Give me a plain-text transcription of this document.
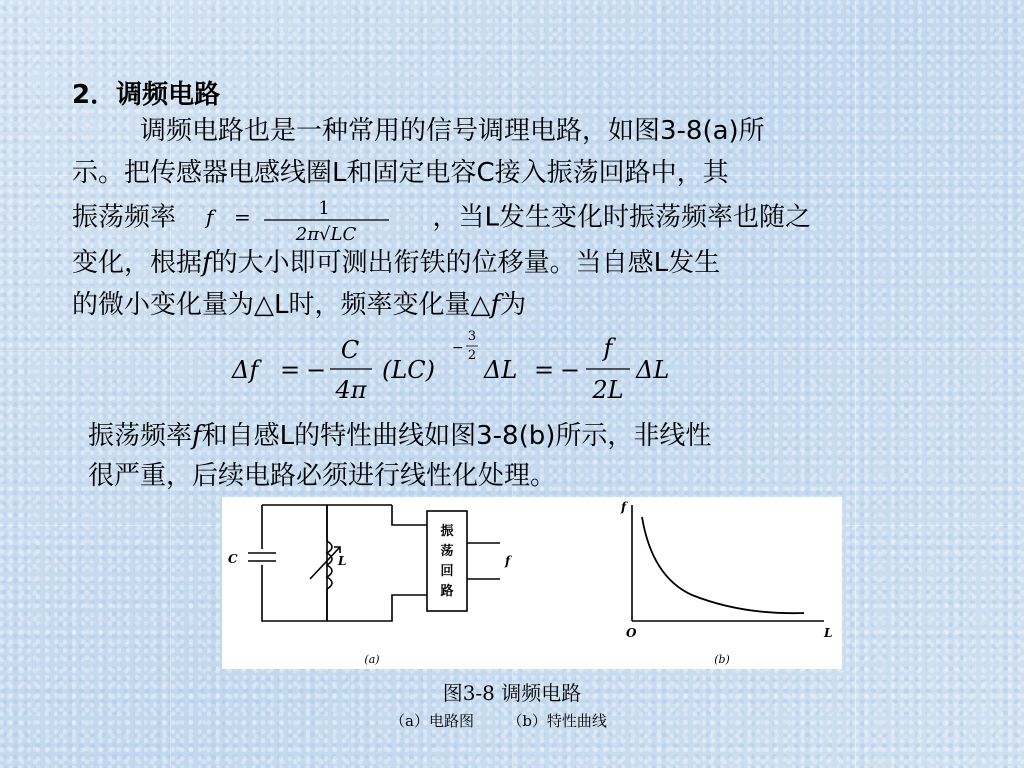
2．调频电路
调频电路也是一种常用的信号调理电路，如图3-8(a)所
示。把传感器电感线圈L和固定电容C接入振荡回路中，其
振荡频率 f =	1
2π√LC
，当L发生变化时振荡频率也随之
变化，根据f的大小即可测出衔铁的位移量。当自感L发生
的微小变化量为△L时，频率变化量△f为
Δf = −
C
4π
(LC)
−
3
2
ΔL = −
f
2L
ΔL
振荡频率f和自感L的特性曲线如图3-8(b)所示，非线性
很严重，后续电路必须进行线性化处理。
C	L
振
荡
回
路
f
(a)
f
L
O
(b)
图3-8 调频电路
（a）电路图       （b）特性曲线
